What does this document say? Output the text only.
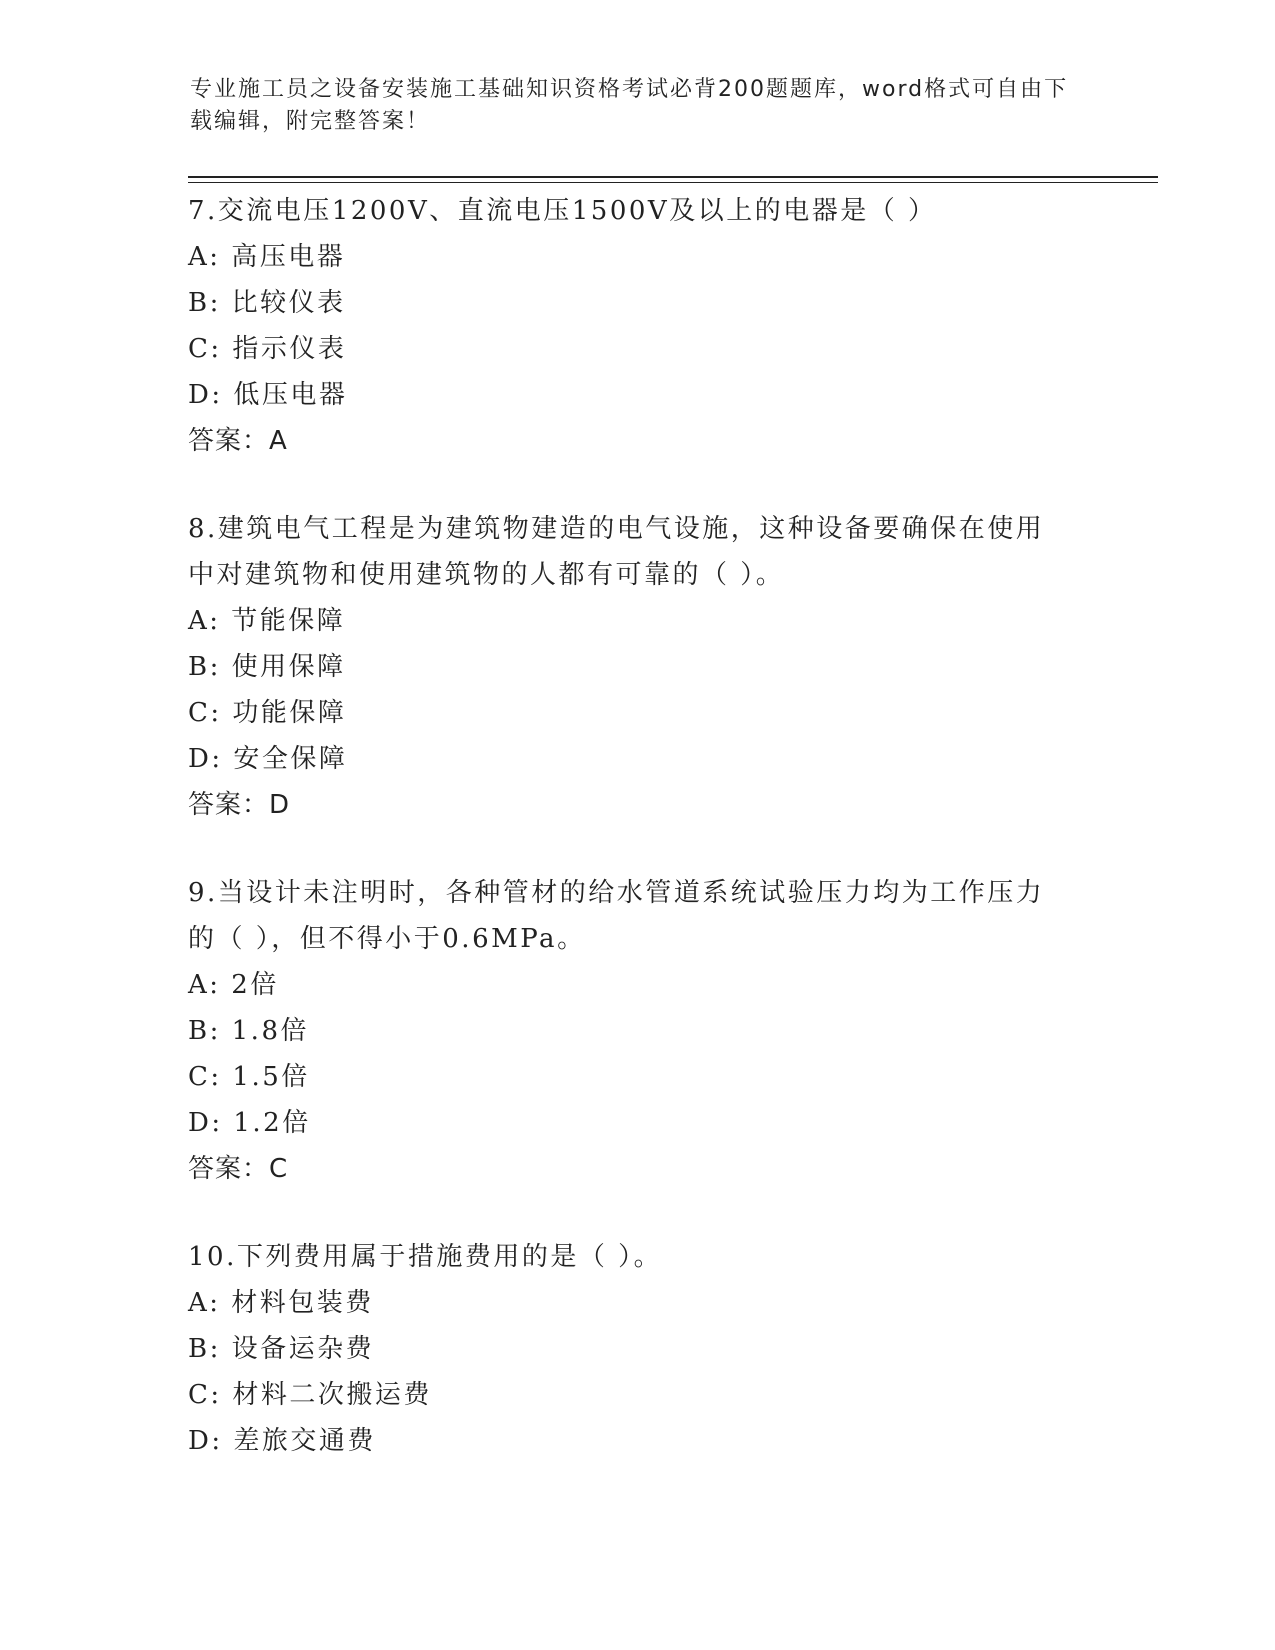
专业施工员之设备安装施工基础知识资格考试必背200题题库，word格式可自由下载编辑，附完整答案！

7.交流电压1200V、直流电压1500V及以上的电器是（ ）

A: 高压电器

B: 比较仪表

C: 指示仪表

D: 低压电器

答案：A

8.建筑电气工程是为建筑物建造的电气设施，这种设备要确保在使用中对建筑物和使用建筑物的人都有可靠的（ ）。

A: 节能保障

B: 使用保障

C: 功能保障

D: 安全保障

答案：D

9.当设计未注明时，各种管材的给水管道系统试验压力均为工作压力的（ ），但不得小于0.6MPa。

A: 2倍

B: 1.8倍

C: 1.5倍

D: 1.2倍

答案：C

10.下列费用属于措施费用的是（ ）。

A: 材料包装费

B: 设备运杂费

C: 材料二次搬运费

D: 差旅交通费
